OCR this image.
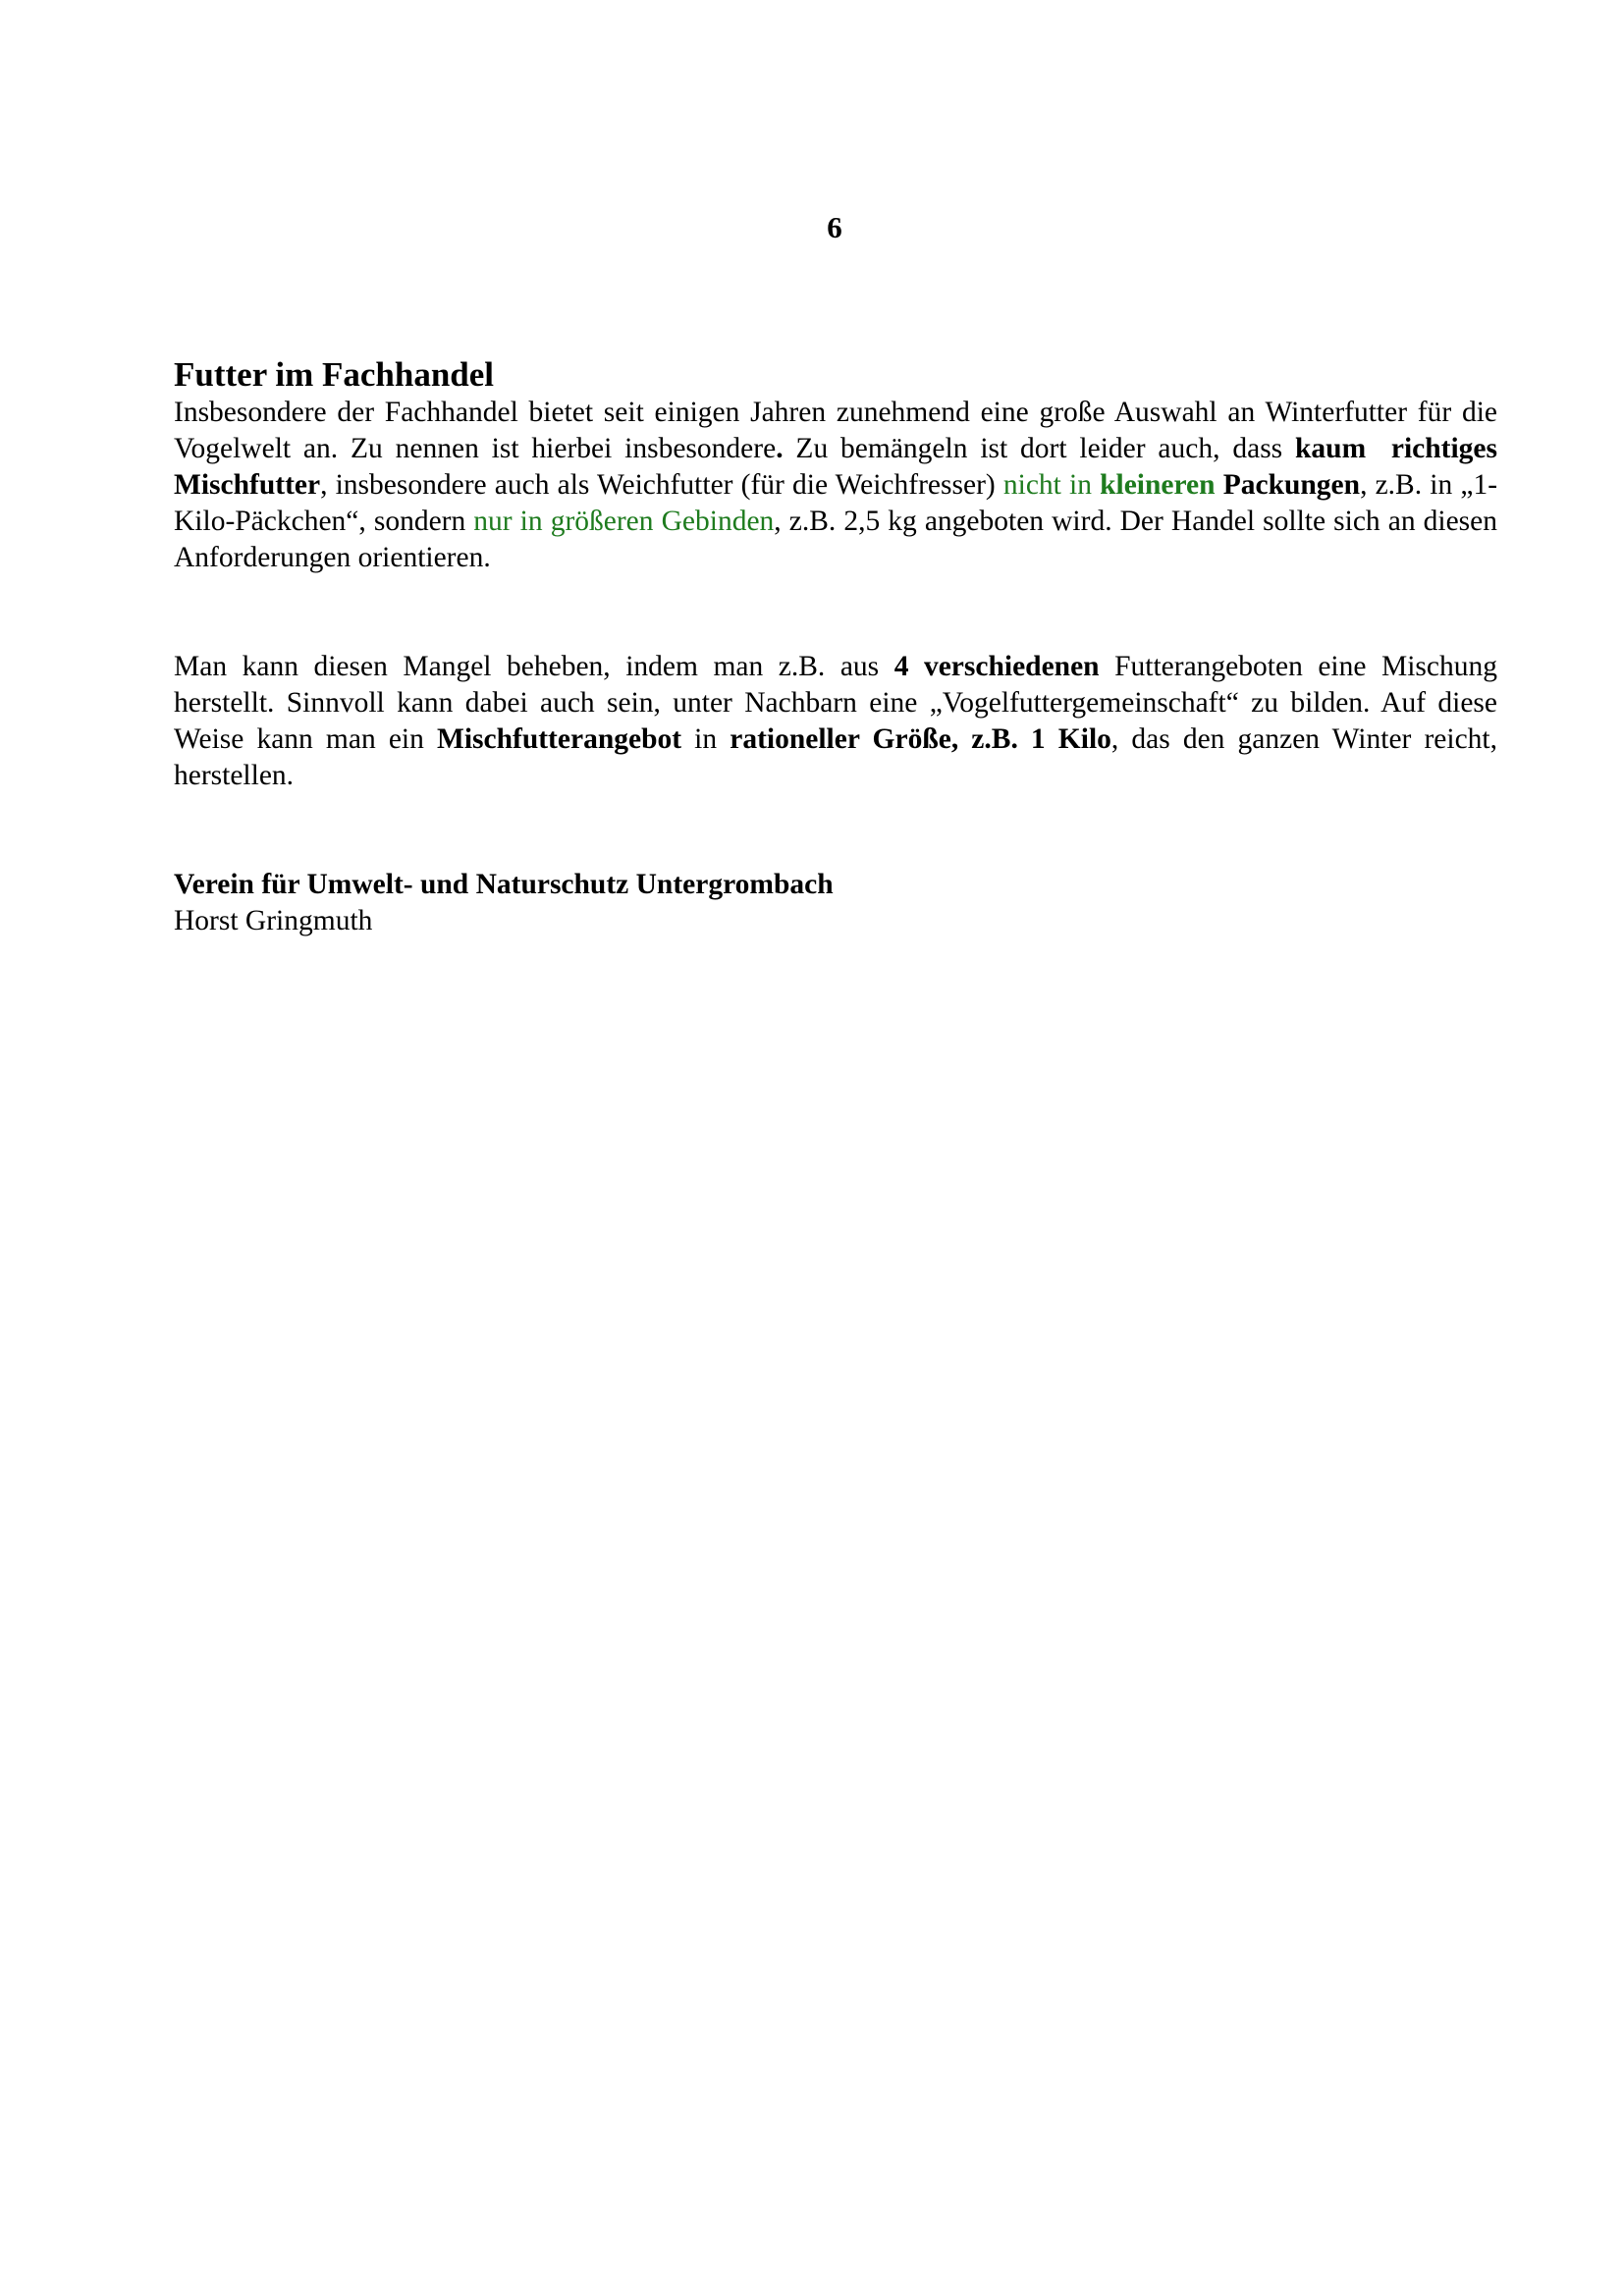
6
Futter im Fachhandel

Insbesondere der Fachhandel bietet seit einigen Jahren zunehmend eine große Auswahl an Winterfutter für die Vogelwelt an. Zu nennen ist hierbei insbesondere. Zu bemängeln ist dort leider auch, dass kaum  richtiges Mischfutter, insbesondere auch als Weichfutter (für die Weichfresser) nicht in kleineren Packungen, z.B. in „1-Kilo-Päckchen“, sondern nur in größeren Gebinden, z.B. 2,5 kg angeboten wird. Der Handel sollte sich an diesen Anforderungen orientieren.

Man kann diesen Mangel beheben, indem man z.B. aus 4 verschiedenen Futterangeboten eine Mischung herstellt. Sinnvoll kann dabei auch sein, unter Nachbarn eine „Vogelfuttergemeinschaft“ zu bilden. Auf diese Weise kann man ein Mischfutterangebot in rationeller Größe, z.B. 1 Kilo, das den ganzen Winter reicht, herstellen.

Verein für Umwelt- und Naturschutz Untergrombach
Horst Gringmuth
